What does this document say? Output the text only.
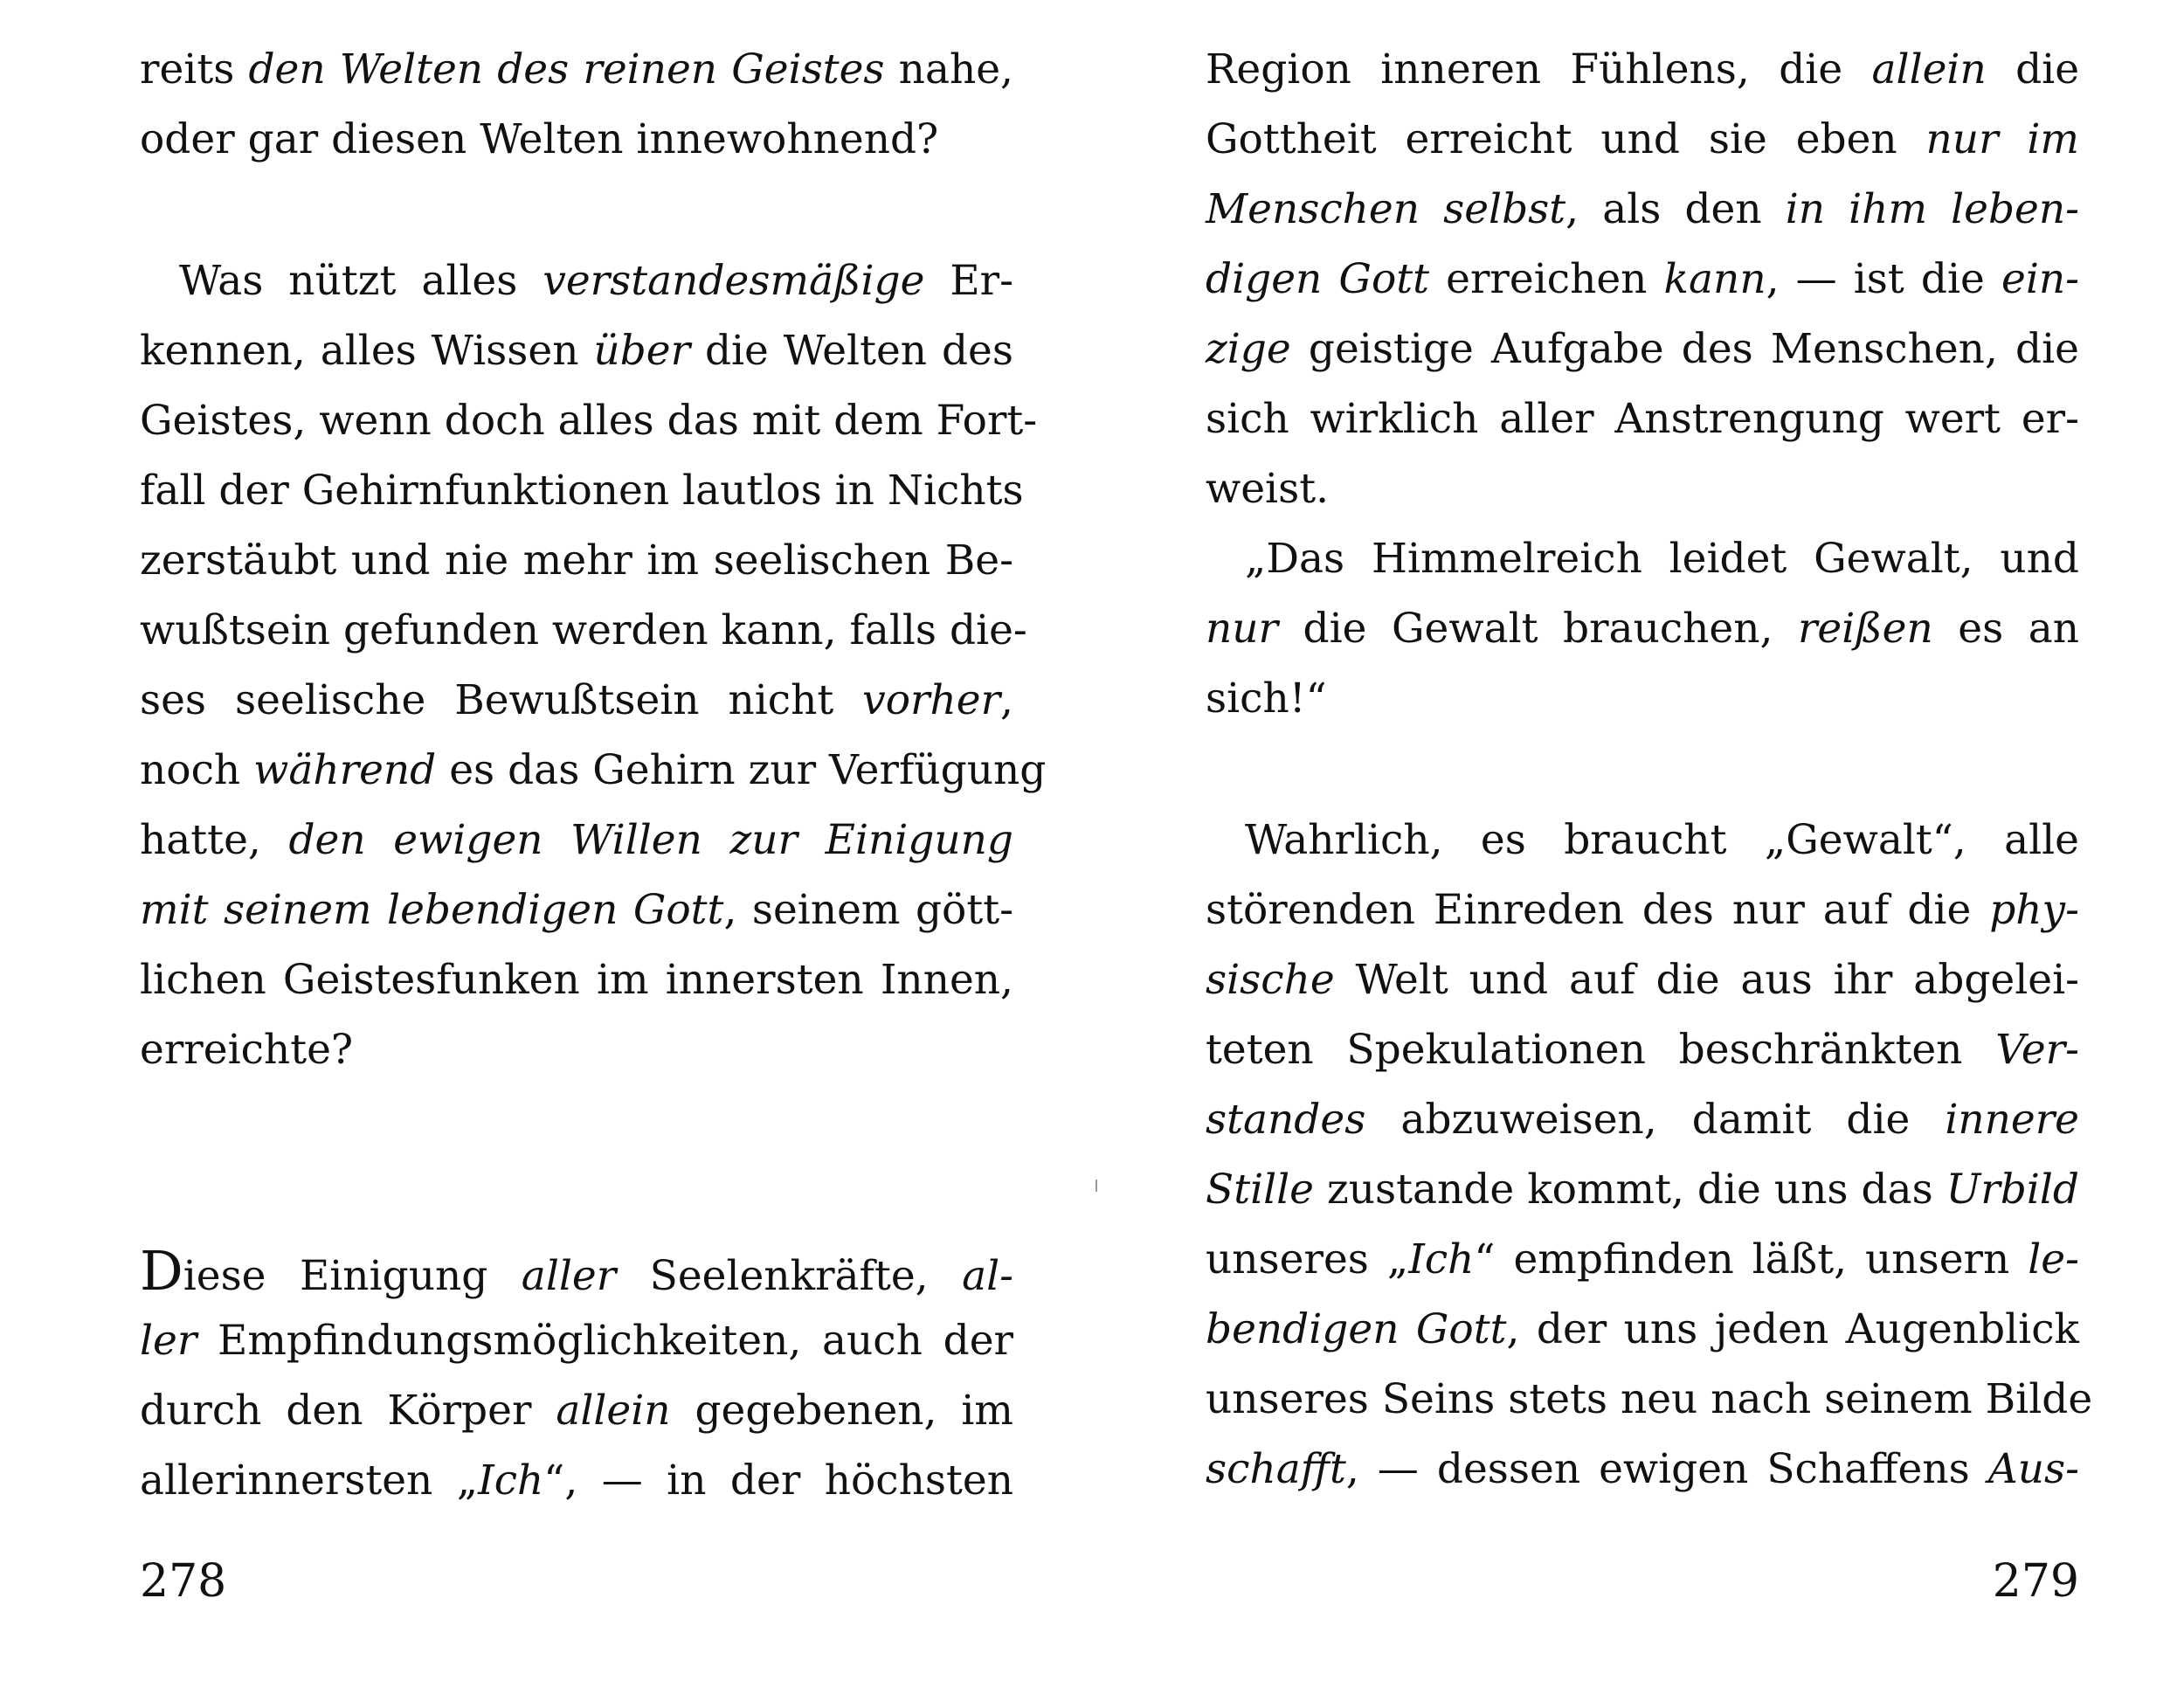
reits den Welten des reinen Geistes nahe,
oder gar diesen Welten innewohnend?
Was nützt alles verstandesmäßige Er-
kennen, alles Wissen über die Welten des
Geistes, wenn doch alles das mit dem Fort-
fall der Gehirnfunktionen lautlos in Nichts
zerstäubt und nie mehr im seelischen Be-
wußtsein gefunden werden kann, falls die-
ses seelische Bewußtsein nicht vorher,
noch während es das Gehirn zur Verfügung
hatte, den ewigen Willen zur Einigung
mit seinem lebendigen Gott, seinem gött-
lichen Geistesfunken im innersten Innen,
erreichte?
Diese Einigung aller Seelenkräfte, al-
ler Empfindungsmöglichkeiten, auch der
durch den Körper allein gegebenen, im
allerinnersten „Ich“, — in der höchsten
278
Region inneren Fühlens, die allein die
Gottheit erreicht und sie eben nur im
Menschen selbst, als den in ihm leben-
digen Gott erreichen kann, — ist die ein-
zige geistige Aufgabe des Menschen, die
sich wirklich aller Anstrengung wert er-
weist.
„Das Himmelreich leidet Gewalt, und
nur die Gewalt brauchen, reißen es an
sich!“
Wahrlich, es braucht „Gewalt“, alle
störenden Einreden des nur auf die phy-
sische Welt und auf die aus ihr abgelei-
teten Spekulationen beschränkten Ver-
standes abzuweisen, damit die innere
Stille zustande kommt, die uns das Urbild
unseres „Ich“ empfinden läßt, unsern le-
bendigen Gott, der uns jeden Augenblick
unseres Seins stets neu nach seinem Bilde
schafft, — dessen ewigen Schaffens Aus-
279
